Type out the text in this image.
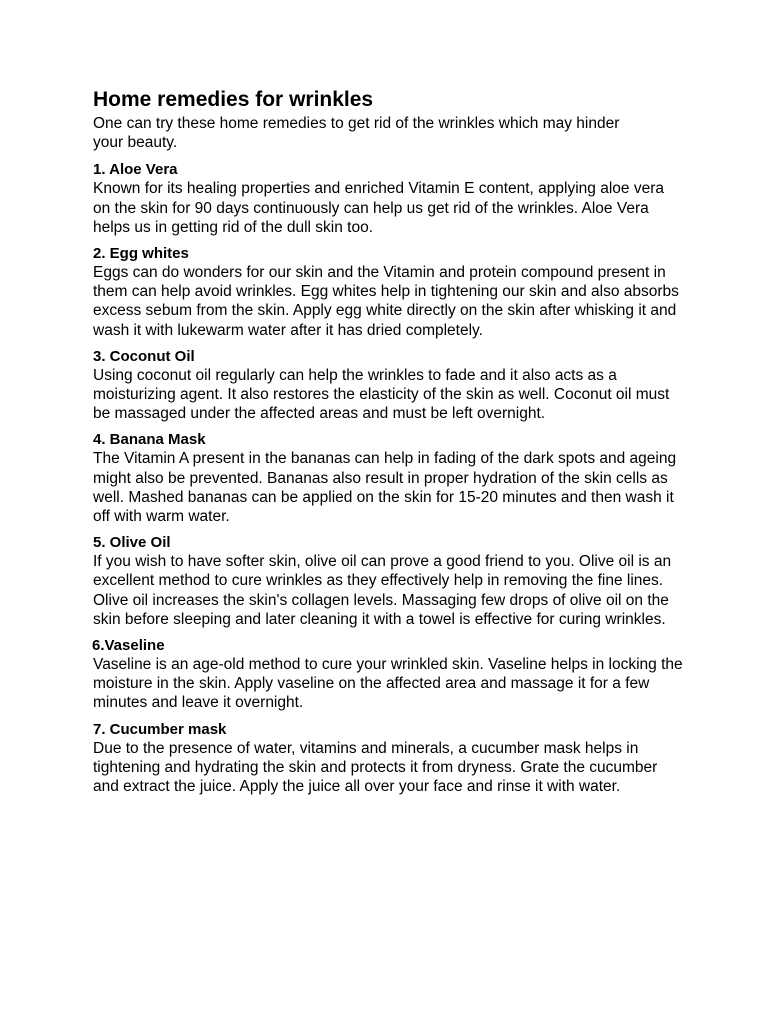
Home remedies for wrinkles

One can try these home remedies to get rid of the wrinkles which may hinder your beauty.

1. Aloe Vera

Known for its healing properties and enriched Vitamin E content, applying aloe vera on the skin for 90 days continuously can help us get rid of the wrinkles. Aloe Vera helps us in getting rid of the dull skin too.

2. Egg whites

Eggs can do wonders for our skin and the Vitamin and protein compound present in them can help avoid wrinkles. Egg whites help in tightening our skin and also absorbs excess sebum from the skin. Apply egg white directly on the skin after whisking it and wash it with lukewarm water after it has dried completely.

3. Coconut Oil

Using coconut oil regularly can help the wrinkles to fade and it also acts as a moisturizing agent. It also restores the elasticity of the skin as well. Coconut oil must be massaged under the affected areas and must be left overnight.

4. Banana Mask

The Vitamin A present in the bananas can help in fading of the dark spots and ageing might also be prevented. Bananas also result in proper hydration of the skin cells as well. Mashed bananas can be applied on the skin for 15-20 minutes and then wash it off with warm water.

5. Olive Oil

If you wish to have softer skin, olive oil can prove a good friend to you. Olive oil is an excellent method to cure wrinkles as they effectively help in removing the fine lines. Olive oil increases the skin's collagen levels. Massaging few drops of olive oil on the skin before sleeping and later cleaning it with a towel is effective for curing wrinkles.

6.Vaseline

Vaseline is an age-old method to cure your wrinkled skin. Vaseline helps in locking the moisture in the skin. Apply vaseline on the affected area and massage it for a few minutes and leave it overnight.

7. Cucumber mask

Due to the presence of water, vitamins and minerals, a cucumber mask helps in tightening and hydrating the skin and protects it from dryness. Grate the cucumber and extract the juice. Apply the juice all over your face and rinse it with water.
